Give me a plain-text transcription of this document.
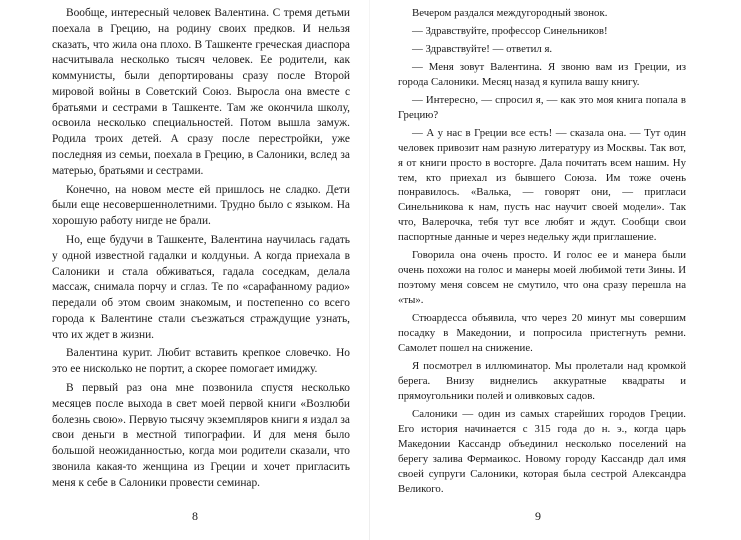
Вообще, интересный человек Валентина. С тремя детьми поехала в Грецию, на родину своих предков. И нельзя сказать, что жила она плохо. В Ташкенте греческая диаспора насчитывала несколько тысяч человек. Ее родители, как коммунисты, были депортированы сразу после Второй мировой войны в Советский Союз. Выросла она вместе с братьями и сестрами в Ташкенте. Там же окончила школу, освоила несколько специальностей. Потом вышла замуж. Родила троих детей. А сразу после перестройки, уже последняя из семьи, поехала в Грецию, в Салоники, вслед за матерью, братьями и сестрами.

Конечно, на новом месте ей пришлось не сладко. Дети были еще несовершеннолетними. Трудно было с языком. На хорошую работу нигде не брали.

Но, еще будучи в Ташкенте, Валентина научилась гадать у одной известной гадалки и колдуньи. А когда приехала в Салоники и стала обживаться, гадала соседкам, делала массаж, снимала порчу и сглаз. Те по «сарафанному радио» передали об этом своим знакомым, и постепенно со всего города к Валентине стали съезжаться страждущие узнать, что их ждет в жизни.

Валентина курит. Любит вставить крепкое словечко. Но это ее нисколько не портит, а скорее помогает имиджу.

В первый раз она мне позвонила спустя несколько месяцев после выхода в свет моей первой книги «Возлюби болезнь свою». Первую тысячу экземпляров книги я издал за свои деньги в местной типографии. И для меня было большой неожиданностью, когда мои родители сказали, что звонила какая-то женщина из Греции и хочет пригласить меня к себе в Салоники провести семинар.

8

Вечером раздался междугородный звонок.

— Здравствуйте, профессор Синельников!

— Здравствуйте! — ответил я.

— Меня зовут Валентина. Я звоню вам из Греции, из города Салоники. Месяц назад я купила вашу книгу.

— Интересно, — спросил я, — как это моя книга попала в Грецию?

— А у нас в Греции все есть! — сказала она. — Тут один человек привозит нам разную литературу из Москвы. Так вот, я от книги просто в восторге. Дала почитать всем нашим. Ну тем, кто приехал из бывшего Союза. Им тоже очень понравилось. «Валька, — говорят они, — пригласи Синельникова к нам, пусть нас научит своей модели». Так что, Валерочка, тебя тут все любят и ждут. Сообщи свои паспортные данные и через недельку жди приглашение.

Говорила она очень просто. И голос ее и манера были очень похожи на голос и манеры моей любимой тети Зины. И поэтому меня совсем не смутило, что она сразу перешла на «ты».

Стюардесса объявила, что через 20 минут мы совершим посадку в Македонии, и попросила пристегнуть ремни. Самолет пошел на снижение.

Я посмотрел в иллюминатор. Мы пролетали над кромкой берега. Внизу виднелись аккуратные квадраты и прямоугольники полей и оливковых садов.

Салоники — один из самых старейших городов Греции. Его история начинается с 315 года до н. э., когда царь Македонии Кассандр объединил несколько поселений на берегу залива Фермаикос. Новому городу Кассандр дал имя своей супруги Салоники, которая была сестрой Александра Великого.

9
